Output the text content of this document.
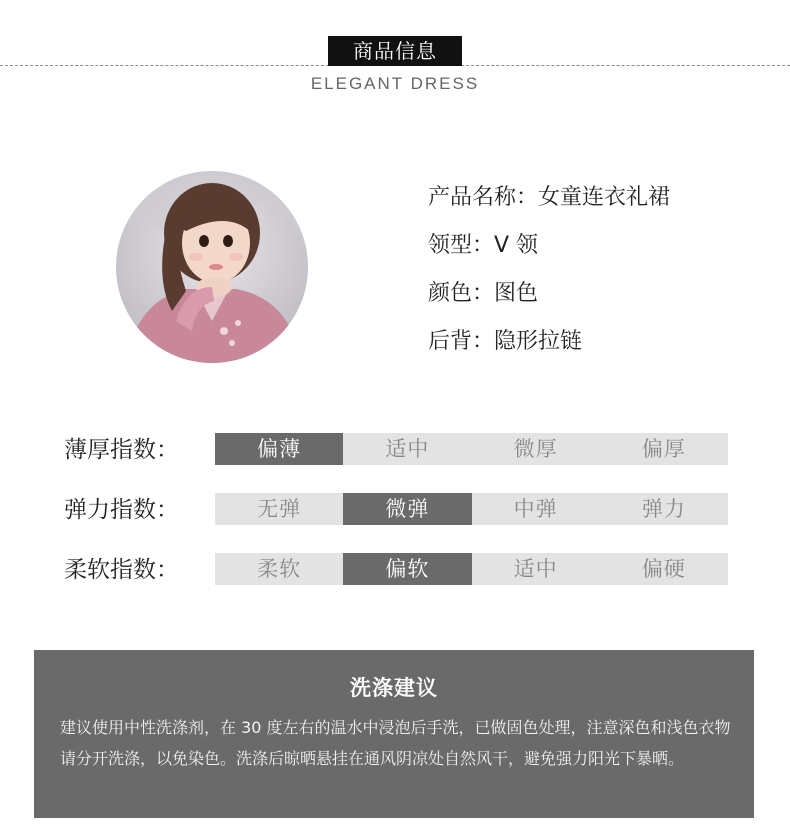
商品信息
ELEGANT DRESS
产品名称：女童连衣礼裙
领型：V 领
颜色：图色
后背：隐形拉链
薄厚指数：	偏薄	适中	微厚	偏厚
弹力指数：	无弹	微弹	中弹	弹力
柔软指数：	柔软	偏软	适中	偏硬
洗涤建议
建议使用中性洗涤剂，在 30 度左右的温水中浸泡后手洗，已做固色处理，注意深色和浅色衣物请分开洗涤，以免染色。洗涤后晾晒悬挂在通风阴凉处自然风干，避免强力阳光下暴晒。
